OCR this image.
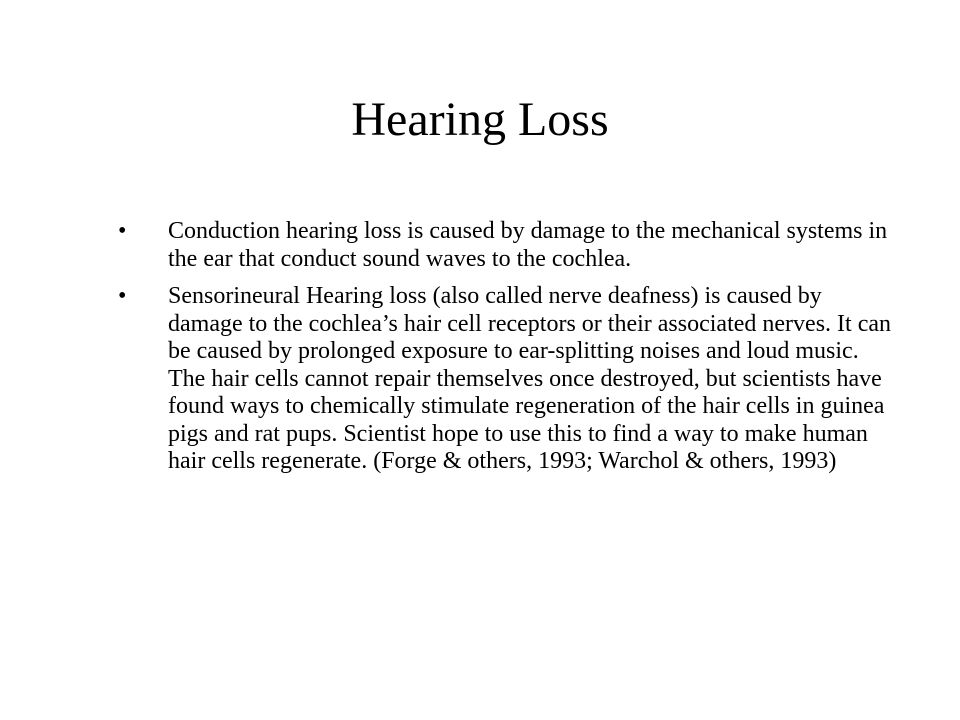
Hearing Loss
• Conduction hearing loss is caused by damage to the mechanical systems in the ear that conduct sound waves to the cochlea.
• Sensorineural Hearing loss (also called nerve deafness) is caused by damage to the cochlea’s hair cell receptors or their associated nerves. It can be caused by prolonged exposure to ear-splitting noises and loud music. The hair cells cannot repair themselves once destroyed, but scientists have found ways to chemically stimulate regeneration of the hair cells in guinea pigs and rat pups. Scientist hope to use this to find a way to make human hair cells regenerate. (Forge & others, 1993; Warchol & others, 1993)
